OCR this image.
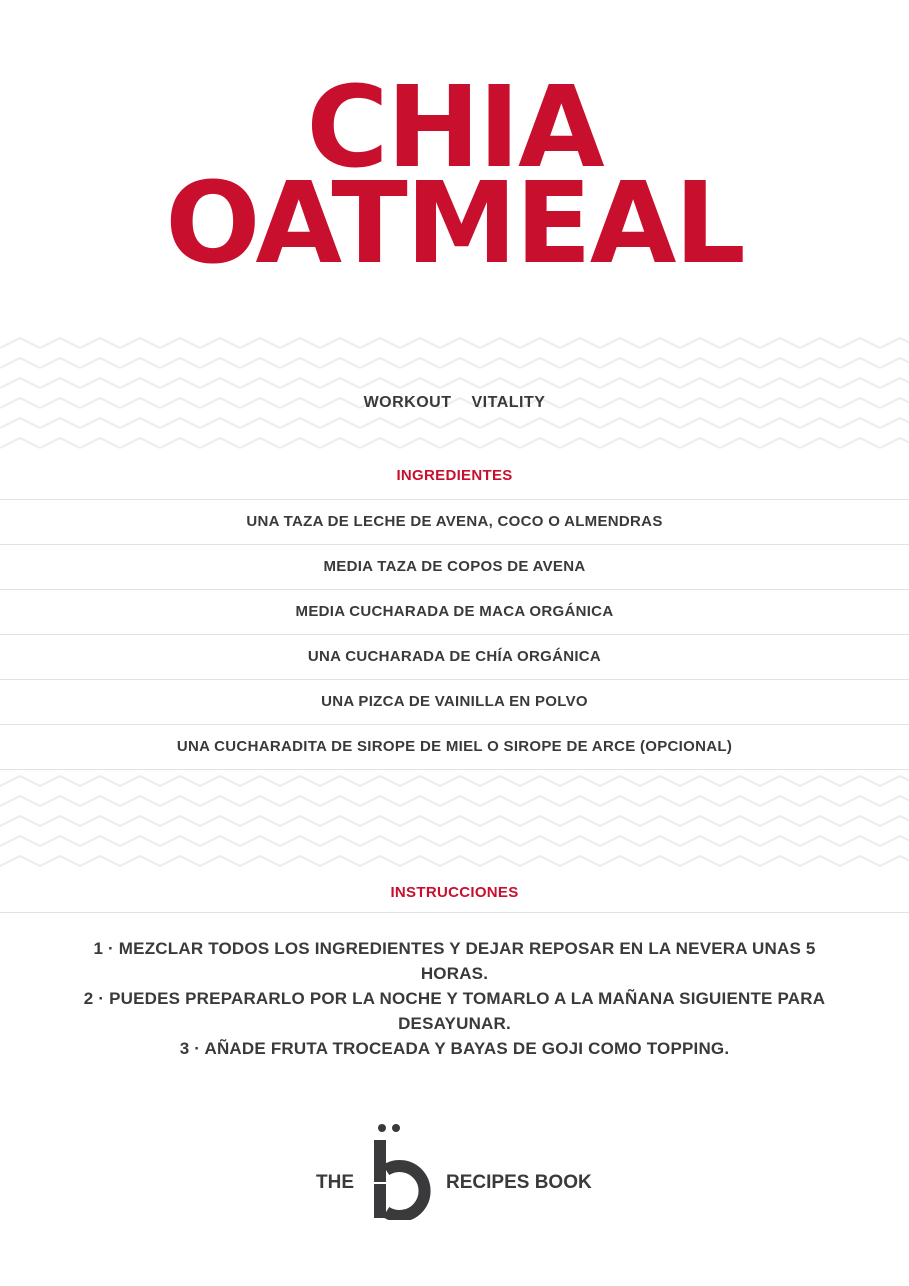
CHIA
OATMEAL
WORKOUT VITALITY
INGREDIENTES
UNA TAZA DE LECHE DE AVENA, COCO O ALMENDRAS
MEDIA TAZA DE COPOS DE AVENA
MEDIA CUCHARADA DE MACA ORGÁNICA
UNA CUCHARADA DE CHÍA ORGÁNICA
UNA PIZCA DE VAINILLA EN POLVO
UNA CUCHARADITA DE SIROPE DE MIEL O SIROPE DE ARCE (OPCIONAL)
INSTRUCCIONES

1 · MEZCLAR TODOS LOS INGREDIENTES Y DEJAR REPOSAR EN LA NEVERA UNAS 5 HORAS.

2 · PUEDES PREPARARLO POR LA NOCHE Y TOMARLO A LA MAÑANA SIGUIENTE PARA DESAYUNAR.

3 · AÑADE FRUTA TROCEADA Y BAYAS DE GOJI COMO TOPPING.

THE	RECIPES BOOK
